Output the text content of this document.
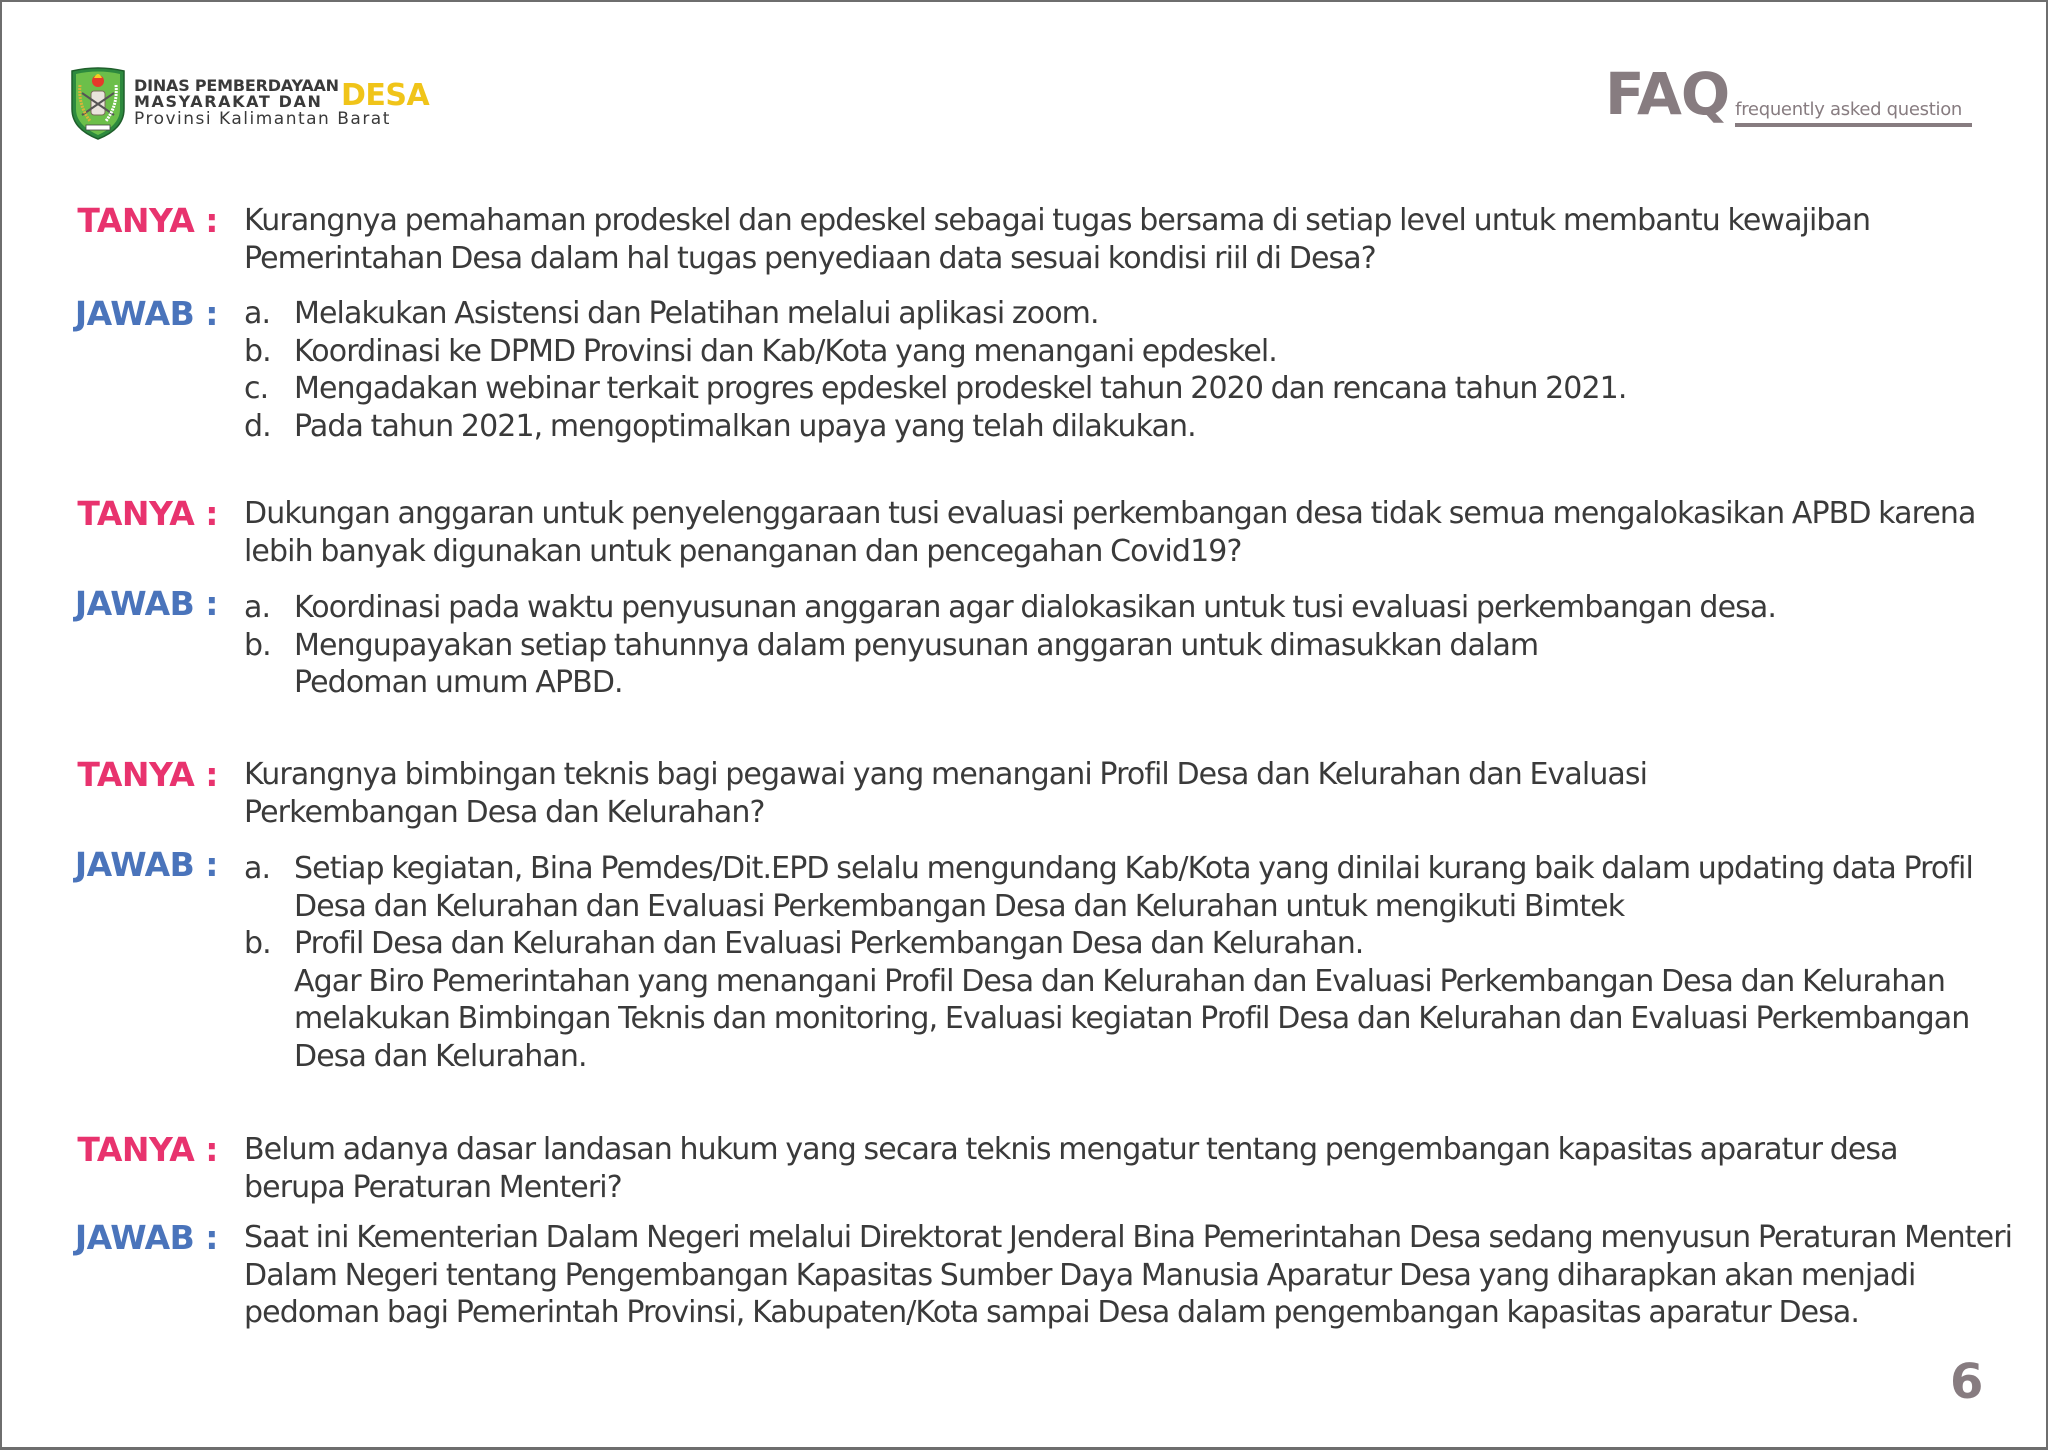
DINAS PEMBERDAYAAN
MASYARAKAT DAN DESA
Provinsi Kalimantan Barat	FAQ frequently asked question
TANYA : Kurangnya pemahaman prodeskel dan epdeskel sebagai tugas bersama di setiap level untuk membantu kewajiban Pemerintahan Desa dalam hal tugas penyediaan data sesuai kondisi riil di Desa?
JAWAB : a. Melakukan Asistensi dan Pelatihan melalui aplikasi zoom.
b. Koordinasi ke DPMD Provinsi dan Kab/Kota yang menangani epdeskel.
c. Mengadakan webinar terkait progres epdeskel prodeskel tahun 2020 dan rencana tahun 2021.
d. Pada tahun 2021, mengoptimalkan upaya yang telah dilakukan.
TANYA : Dukungan anggaran untuk penyelenggaraan tusi evaluasi perkembangan desa tidak semua mengalokasikan APBD karena lebih banyak digunakan untuk penanganan dan pencegahan Covid19?
JAWAB : a. Koordinasi pada waktu penyusunan anggaran agar dialokasikan untuk tusi evaluasi perkembangan desa.
b. Mengupayakan setiap tahunnya dalam penyusunan anggaran untuk dimasukkan dalam Pedoman umum APBD.
TANYA : Kurangnya bimbingan teknis bagi pegawai yang menangani Profil Desa dan Kelurahan dan Evaluasi Perkembangan Desa dan Kelurahan?
JAWAB : a. Setiap kegiatan, Bina Pemdes/Dit.EPD selalu mengundang Kab/Kota yang dinilai kurang baik dalam updating data Profil Desa dan Kelurahan dan Evaluasi Perkembangan Desa dan Kelurahan untuk mengikuti Bimtek
b. Profil Desa dan Kelurahan dan Evaluasi Perkembangan Desa dan Kelurahan.
Agar Biro Pemerintahan yang menangani Profil Desa dan Kelurahan dan Evaluasi Perkembangan Desa dan Kelurahan melakukan Bimbingan Teknis dan monitoring, Evaluasi kegiatan Profil Desa dan Kelurahan dan Evaluasi Perkembangan Desa dan Kelurahan.
TANYA : Belum adanya dasar landasan hukum yang secara teknis mengatur tentang pengembangan kapasitas aparatur desa berupa Peraturan Menteri?
JAWAB : Saat ini Kementerian Dalam Negeri melalui Direktorat Jenderal Bina Pemerintahan Desa sedang menyusun Peraturan Menteri Dalam Negeri tentang Pengembangan Kapasitas Sumber Daya Manusia Aparatur Desa yang diharapkan akan menjadi pedoman bagi Pemerintah Provinsi, Kabupaten/Kota sampai Desa dalam pengembangan kapasitas aparatur Desa.
6
